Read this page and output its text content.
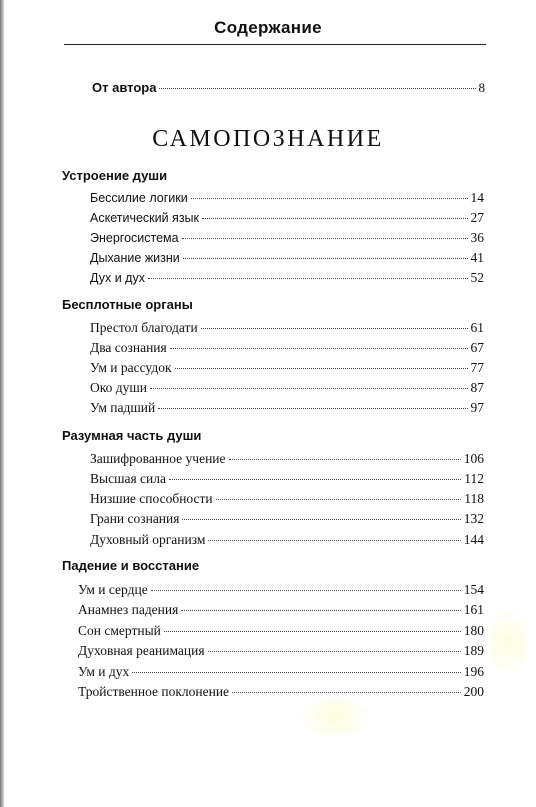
Содержание
От автора	8
САМОПОЗНАНИЕ
Устроение души
Бессилие логики	14
Аскетический язык	27
Энергосистема	36
Дыхание жизни	41
Дух и дух	52
Бесплотные органы
Престол благодати	61
Два сознания	67
Ум и рассудок	77
Око души	87
Ум падший	97
Разумная часть души
Зашифрованное учение	106
Высшая сила	112
Низшие способности	118
Грани сознания	132
Духовный организм	144
Падение и восстание
Ум и сердце	154
Анамнез падения	161
Сон смертный	180
Духовная реанимация	189
Ум и дух	196
Тройственное поклонение	200
